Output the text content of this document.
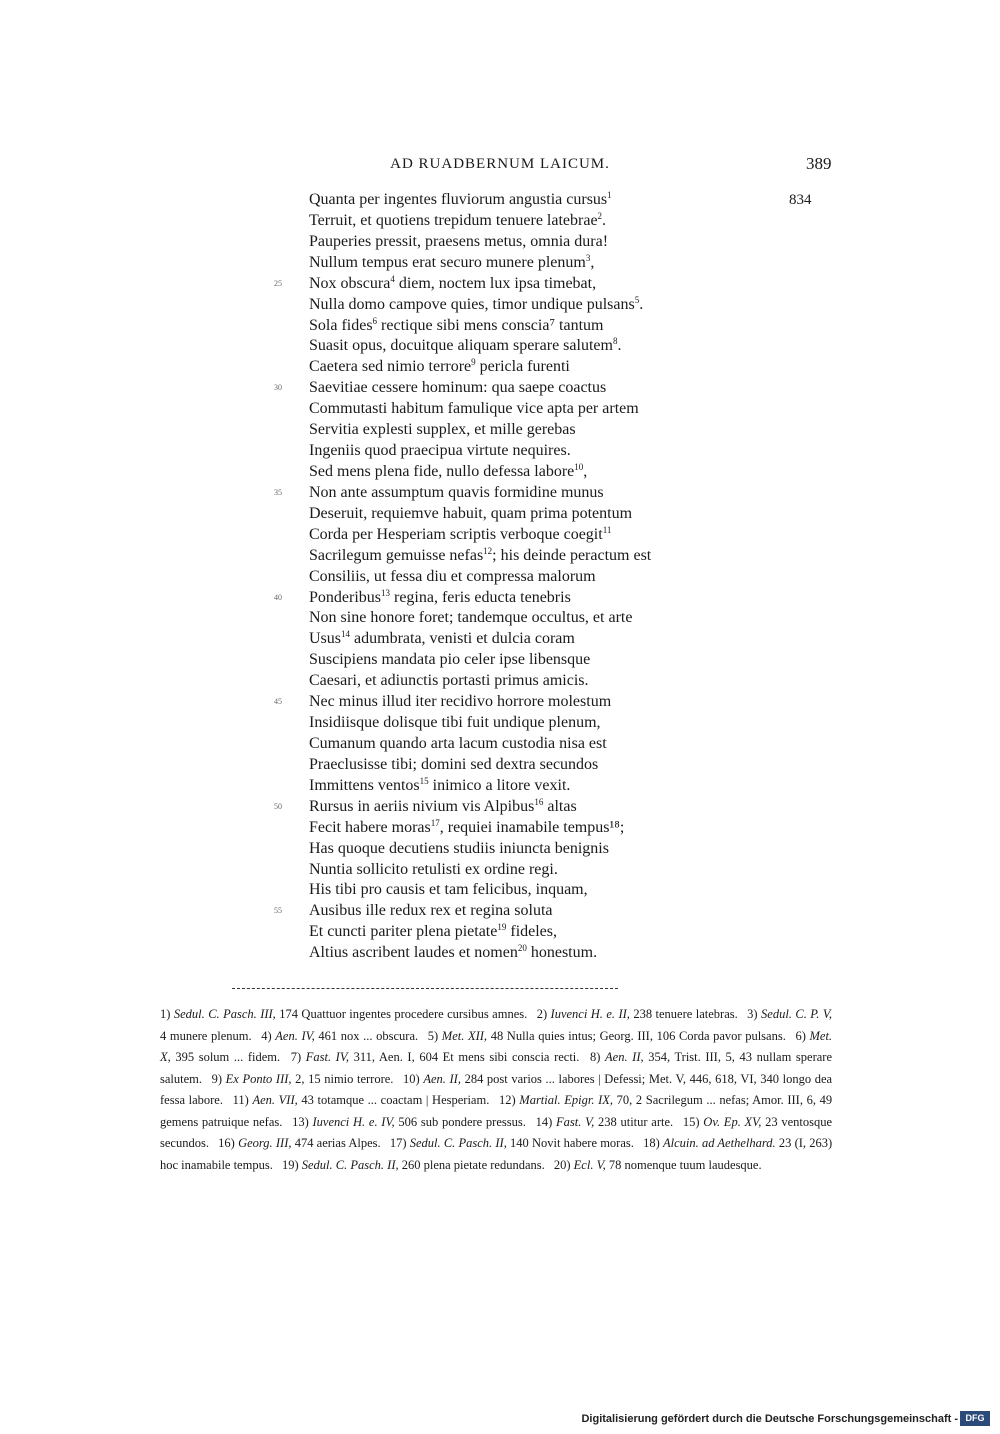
AD RUADBERNUM LAICUM.	389
Quanta per ingentes fluviorum angustia cursus$^1$	834
Terruit, et quotiens trepidum tenuere latebrae$^2$.
Pauperies pressit, praesens metus, omnia dura!
Nullum tempus erat securo munere plenum$^3$,
25	Nox obscura$^4$ diem, noctem lux ipsa timebat,
Nulla domo campove quies, timor undique pulsans$^5$.
Sola fides$^6$ rectique sibi mens conscia⁷ tantum
Suasit opus, docuitque aliquam sperare salutem$^8$.
Caetera sed nimio terrore$^9$ pericla furenti
30	Saevitiae cessere hominum: qua saepe coactus
Commutasti habitum famulique vice apta per artem
Servitia explesti supplex, et mille gerebas
Ingeniis quod praecipua virtute nequires.
Sed mens plena fide, nullo defessa labore$^{10}$,
35	Non ante assumptum quavis formidine munus
Deseruit, requiemve habuit, quam prima potentum
Corda per Hesperiam scriptis verboque coegit$^{11}$
Sacrilegum gemuisse nefas$^{12}$; his deinde peractum est
Consiliis, ut fessa diu et compressa malorum
40	Ponderibus$^{13}$ regina, feris educta tenebris
Non sine honore foret; tandemque occultus, et arte
Usus$^{14}$ adumbrata, venisti et dulcia coram
Suscipiens mandata pio celer ipse libensque
Caesari, et adiunctis portasti primus amicis.
45	Nec minus illud iter recidivo horrore molestum
Insidiisque dolisque tibi fuit undique plenum,
Cumanum quando arta lacum custodia nisa est
Praeclusisse tibi; domini sed dextra secundos
Immittens ventos$^{15}$ inimico a litore vexit.
50	Rursus in aeriis nivium vis Alpibus$^{16}$ altas
Fecit habere moras$^{17}$, requiei inamabile tempus¹⁸;
Has quoque decutiens studiis iniuncta benignis
Nuntia sollicito retulisti ex ordine regi.
His tibi pro causis et tam felicibus, inquam,
55	Ausibus ille redux rex et regina soluta
Et cuncti pariter plena pietate$^{19}$ fideles,
Altius ascribent laudes et nomen$^{20}$ honestum.
1) Sedul. C. Pasch. III, 174 Quattuor ingentes procedere cursibus amnes. 2) Iuvenci H. e. II, 238 tenuere latebras. 3) Sedul. C. P. V, 4 munere plenum. 4) Aen. IV, 461 nox ... obscura. 5) Met. XII, 48 Nulla quies intus; Georg. III, 106 Corda pavor pulsans. 6) Met. X, 395 solum ... fidem. 7) Fast. IV, 311, Aen. I, 604 Et mens sibi conscia recti. 8) Aen. II, 354, Trist. III, 5, 43 nullam sperare salutem. 9) Ex Ponto III, 2, 15 nimio terrore. 10) Aen. II, 284 post varios ... labores | Defessi; Met. V, 446, 618, VI, 340 longo dea fessa labore. 11) Aen. VII, 43 totamque ... coactam | Hesperiam. 12) Martial. Epigr. IX, 70, 2 Sacrilegum ... nefas; Amor. III, 6, 49 gemens patruique nefas. 13) Iuvenci H. e. IV, 506 sub pondere pressus. 14) Fast. V, 238 utitur arte. 15) Ov. Ep. XV, 23 ventosque secundos. 16) Georg. III, 474 aerias Alpes. 17) Sedul. C. Pasch. II, 140 Novit habere moras. 18) Alcuin. ad Aethelhard. 23 (I, 263) hoc inamabile tempus. 19) Sedul. C. Pasch. II, 260 plena pietate redundans. 20) Ecl. V, 78 nomenque tuum laudesque.
Digitalisierung gefördert durch die Deutsche Forschungsgemeinschaft - DFG
